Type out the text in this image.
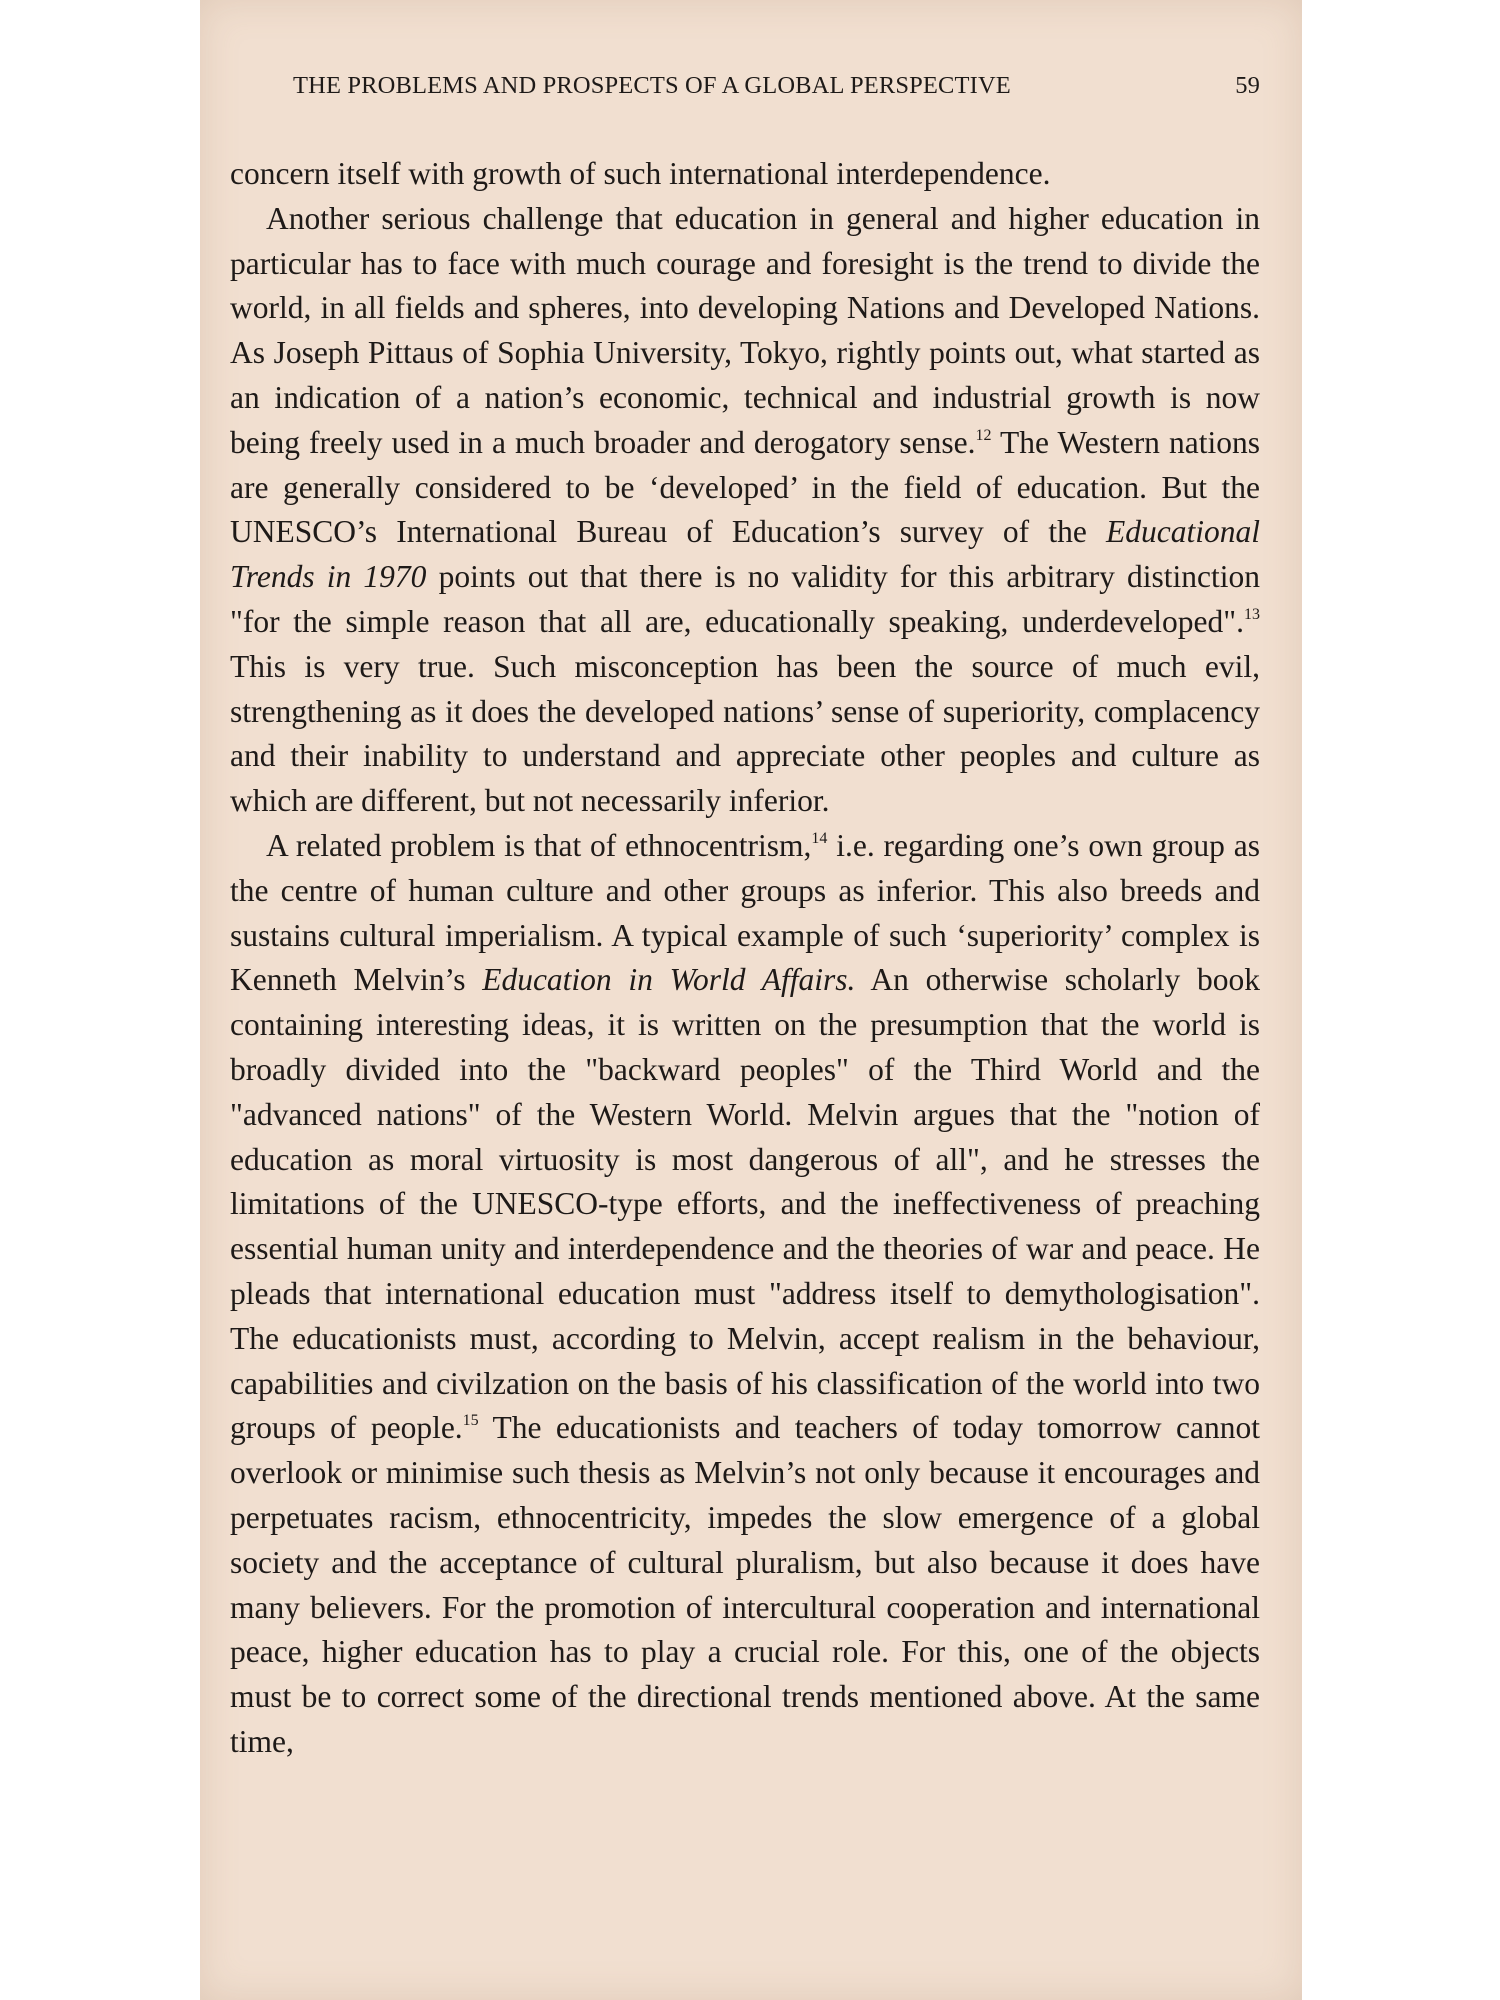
THE PROBLEMS AND PROSPECTS OF A GLOBAL PERSPECTIVE	59

concern itself with growth of such international interdependence.

Another serious challenge that education in general and higher education in particular has to face with much courage and foresight is the trend to divide the world, in all fields and spheres, into developing Nations and Developed Nations. As Joseph Pittaus of Sophia University, Tokyo, rightly points out, what started as an indication of a nation’s economic, technical and industrial growth is now being freely used in a much broader and derogatory sense.$^{12}$ The Western nations are generally considered to be ‘developed’ in the field of education. But the UNESCO’s International Bureau of Education’s survey of the Educational Trends in 1970 points out that there is no validity for this arbitrary distinction "for the simple reason that all are, educationally speaking, underdeveloped".$^{13}$ This is very true. Such misconception has been the source of much evil, strengthening as it does the developed nations’ sense of superiority, complacency and their inability to understand and appreciate other peoples and culture as which are different, but not necessarily inferior.

A related problem is that of ethnocentrism,$^{14}$ i.e. regarding one’s own group as the centre of human culture and other groups as inferior. This also breeds and sustains cultural imperialism. A typical example of such ‘superiority’ complex is Kenneth Melvin’s Education in World Affairs. An otherwise scholarly book containing interesting ideas, it is written on the presumption that the world is broadly divided into the "backward peoples" of the Third World and the "advanced nations" of the Western World. Melvin argues that the "notion of education as moral virtuosity is most dangerous of all", and he stresses the limitations of the UNESCO-type efforts, and the ineffectiveness of preaching essential human unity and interdependence and the theories of war and peace. He pleads that international education must "address itself to demythologisation". The educationists must, according to Melvin, accept realism in the behaviour, capabilities and civilzation on the basis of his classification of the world into two groups of people.$^{15}$ The educationists and teachers of today tomorrow cannot overlook or minimise such thesis as Melvin’s not only because it encourages and perpetuates racism, ethnocentricity, impedes the slow emergence of a global society and the acceptance of cultural pluralism, but also because it does have many believers. For the promotion of intercultural cooperation and international peace, higher education has to play a crucial role. For this, one of the objects must be to correct some of the directional trends mentioned above. At the same time,
